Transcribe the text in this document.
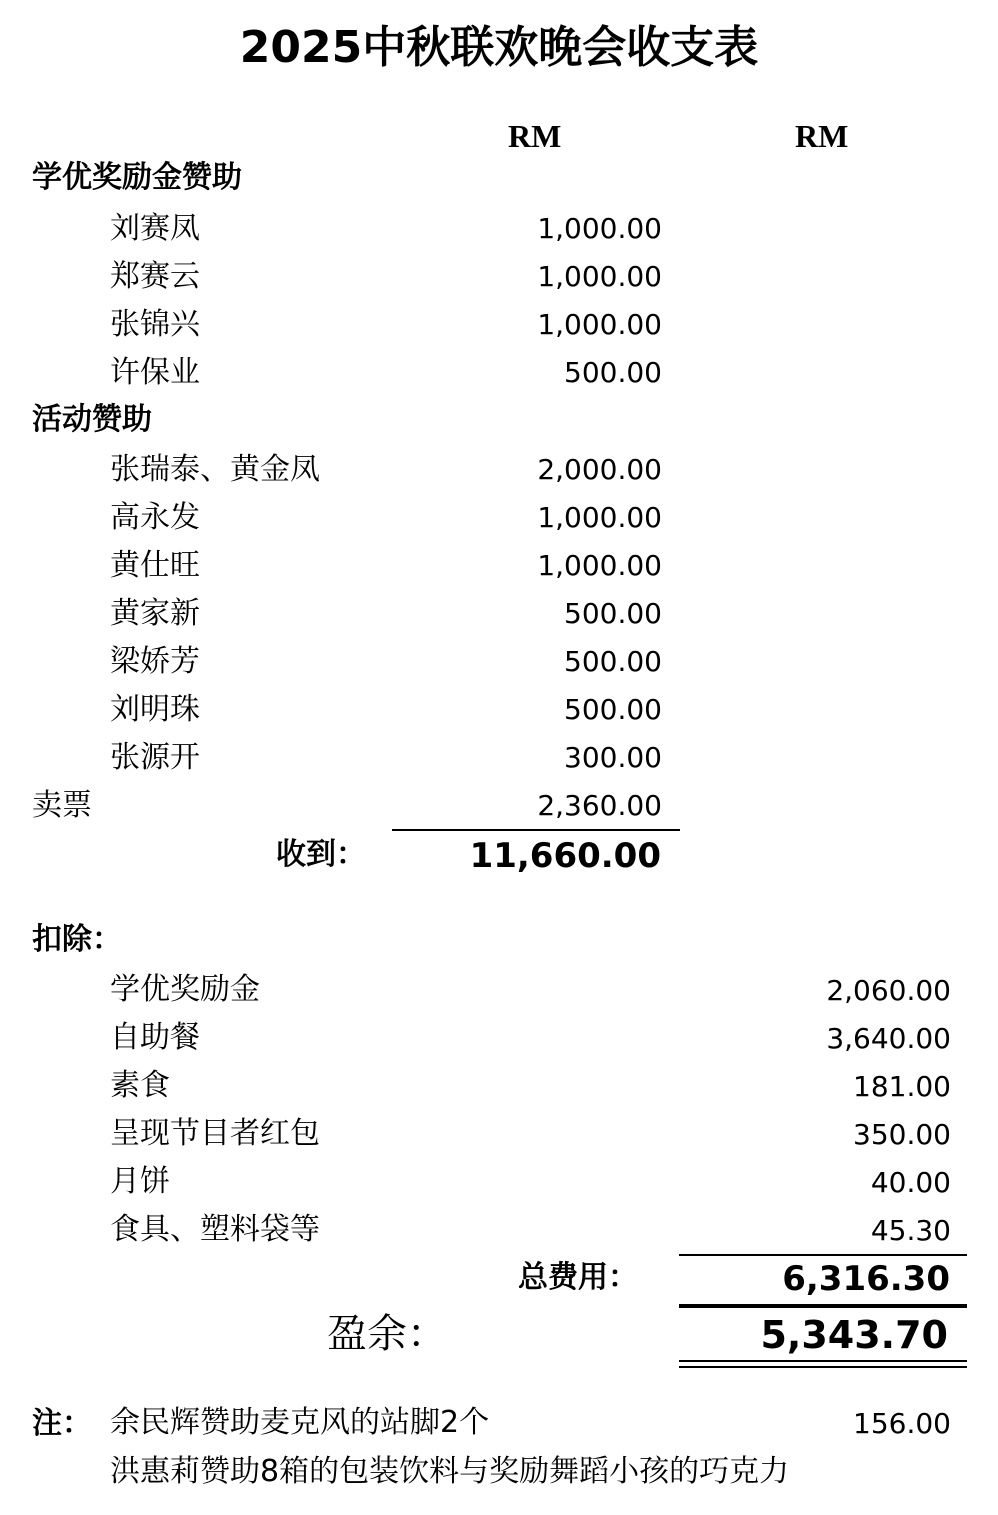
2025中秋联欢晚会收支表
RM	RM
学优奖励金赞助
刘赛凤	1,000.00
郑赛云	1,000.00
张锦兴	1,000.00
许保业	500.00
活动赞助
张瑞泰、黄金凤	2,000.00
高永发	1,000.00
黄仕旺	1,000.00
黄家新	500.00
梁娇芳	500.00
刘明珠	500.00
张源开	300.00
卖票	2,360.00
收到：	11,660.00
扣除：
学优奖励金	2,060.00
自助餐	3,640.00
素食	181.00
呈现节目者红包	350.00
月饼	40.00
食具、塑料袋等	45.30
总费用：	6,316.30
盈余：	5,343.70
注： 余民辉赞助麦克风的站脚2个	156.00
洪惠莉赞助8箱的包装饮料与奖励舞蹈小孩的巧克力
